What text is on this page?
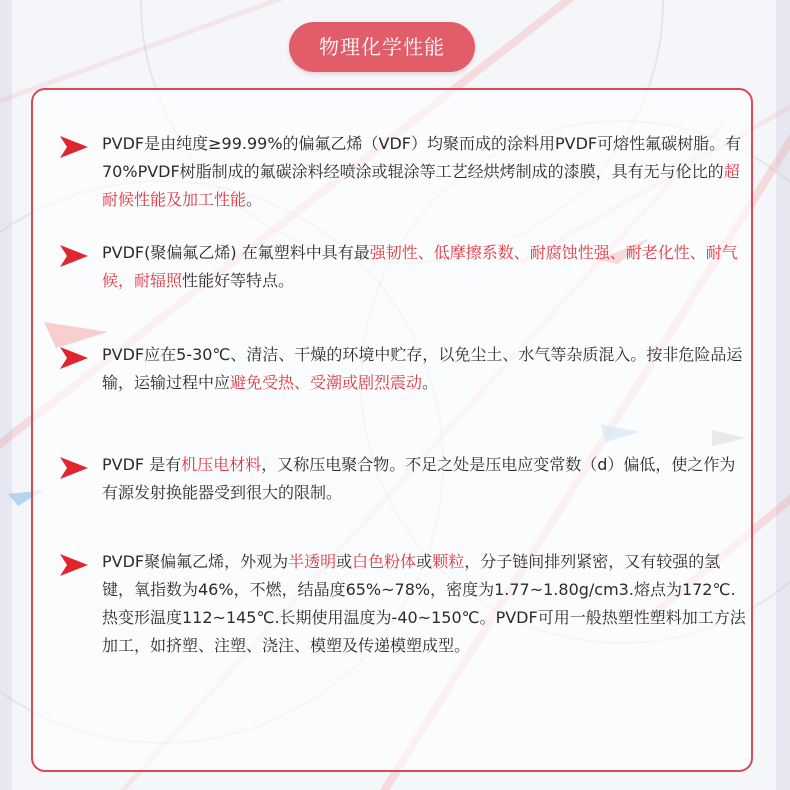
物理化学性能
PVDF是由纯度≥99.99%的偏氟乙烯（VDF）均聚而成的涂料用PVDF可熔性氟碳树脂。有70%PVDF树脂制成的氟碳涂料经喷涂或辊涂等工艺经烘烤制成的漆膜，具有无与伦比的超耐候性能及加工性能。
PVDF(聚偏氟乙烯) 在氟塑料中具有最强韧性、低摩擦系数、耐腐蚀性强、耐老化性、耐气候，耐辐照性能好等特点。
PVDF应在5-30℃、清洁、干燥的环境中贮存，以免尘土、水气等杂质混入。按非危险品运输，运输过程中应避免受热、受潮或剧烈震动。
PVDF 是有机压电材料，又称压电聚合物。不足之处是压电应变常数（d）偏低，使之作为有源发射换能器受到很大的限制。
PVDF聚偏氟乙烯，外观为半透明或白色粉体或颗粒，分子链间排列紧密，又有较强的氢键，氧指数为46%，不燃，结晶度65%~78%，密度为1.77~1.80g/cm3.熔点为172℃.热变形温度112~145℃.长期使用温度为-40~150℃。PVDF可用一般热塑性塑料加工方法加工，如挤塑、注塑、浇注、模塑及传递模塑成型。
